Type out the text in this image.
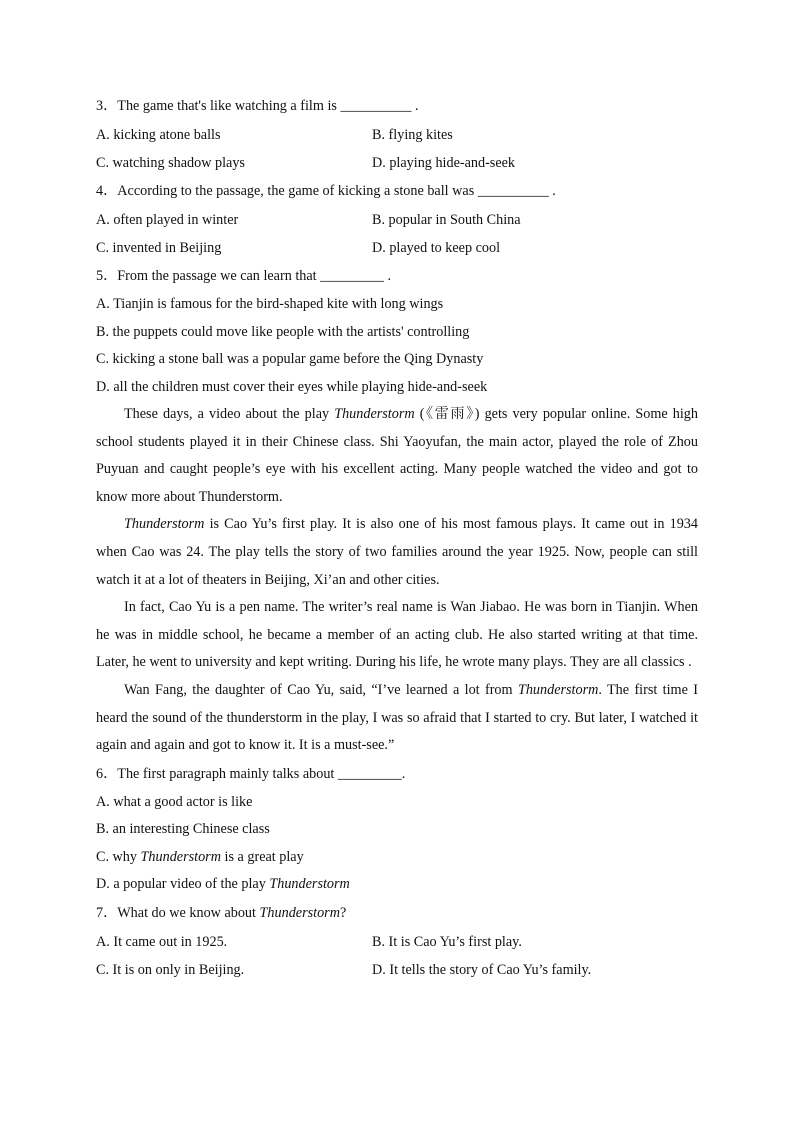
3．The game that's like watching a film is __________ .
A. kicking atone balls	B. flying kites
C. watching shadow plays	D. playing hide-and-seek
4．According to the passage, the game of kicking a stone ball was __________ .
A. often played in winter	B. popular in South China
C. invented in Beijing	D. played to keep cool
5．From the passage we can learn that _________ .
A. Tianjin is famous for the bird-shaped kite with long wings
B. the puppets could move like people with the artists' controlling
C. kicking a stone ball was a popular game before the Qing Dynasty
D. all the children must cover their eyes while playing hide-and-seek

These days, a video about the play Thunderstorm (《雷雨》) gets very popular online. Some high school students played it in their Chinese class. Shi Yaoyufan, the main actor, played the role of Zhou Puyuan and caught people’s eye with his excellent acting. Many people watched the video and got to know more about Thunderstorm.

Thunderstorm is Cao Yu’s first play. It is also one of his most famous plays. It came out in 1934 when Cao was 24. The play tells the story of two families around the year 1925. Now, people can still watch it at a lot of theaters in Beijing, Xi’an and other cities.

In fact, Cao Yu is a pen name. The writer’s real name is Wan Jiabao. He was born in Tianjin. When he was in middle school, he became a member of an acting club. He also started writing at that time. Later, he went to university and kept writing. During his life, he wrote many plays. They are all classics .

Wan Fang, the daughter of Cao Yu, said, “I’ve learned a lot from Thunderstorm. The first time I heard the sound of the thunderstorm in the play, I was so afraid that I started to cry. But later, I watched it again and again and got to know it. It is a must-see.”

6．The first paragraph mainly talks about _________.
A. what a good actor is like
B. an interesting Chinese class
C. why Thunderstorm is a great play
D. a popular video of the play Thunderstorm
7．What do we know about Thunderstorm?
A. It came out in 1925.	B. It is Cao Yu’s first play.
C. It is on only in Beijing.	D. It tells the story of Cao Yu’s family.
